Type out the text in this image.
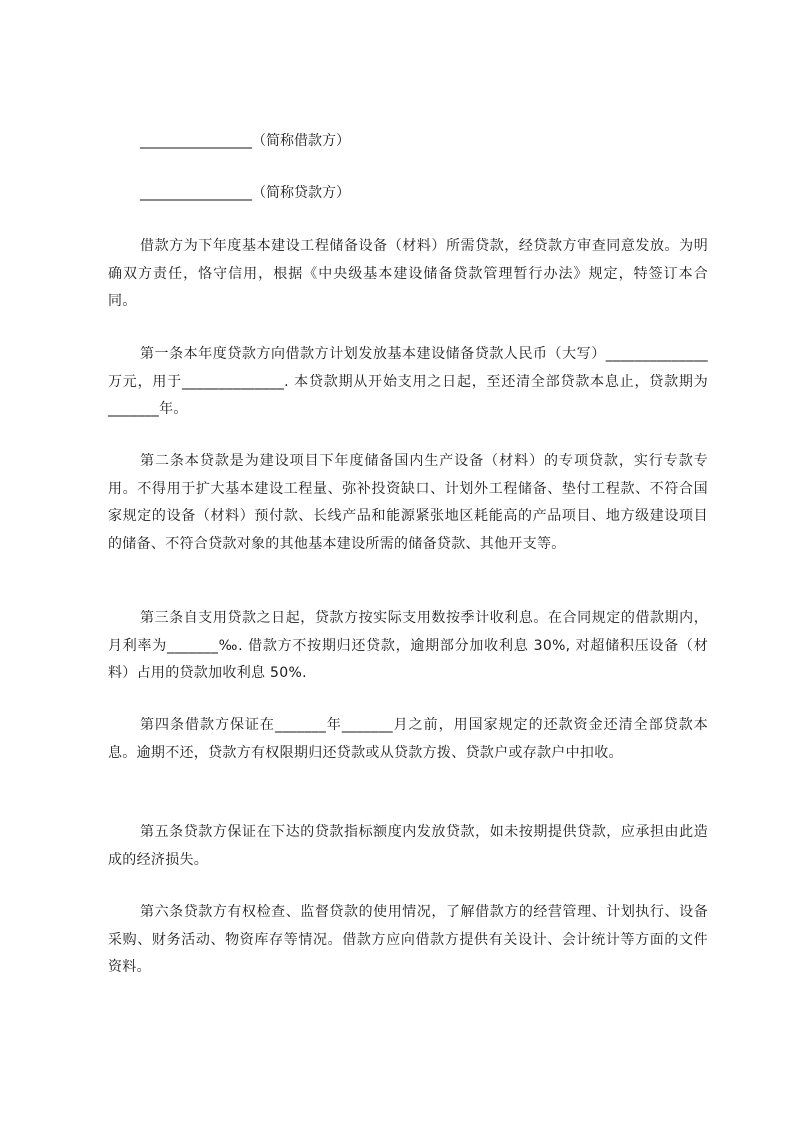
________________（简称借款方）
________________（简称贷款方）

借款方为下年度基本建设工程储备设备（材料）所需贷款，经贷款方审查同意发放。为明确双方责任，恪守信用，根据《中央级基本建设储备贷款管理暂行办法》规定，特签订本合同。

第一条本年度贷款方向借款方计划发放基本建设储备贷款人民币（大写）______________万元，用于______________. 本贷款期从开始支用之日起，至还清全部贷款本息止，贷款期为_______年。

第二条本贷款是为建设项目下年度储备国内生产设备（材料）的专项贷款，实行专款专用。不得用于扩大基本建设工程量、弥补投资缺口、计划外工程储备、垫付工程款、不符合国家规定的设备（材料）预付款、长线产品和能源紧张地区耗能高的产品项目、地方级建设项目的储备、不符合贷款对象的其他基本建设所需的储备贷款、其他开支等。

第三条自支用贷款之日起，贷款方按实际支用数按季计收利息。在合同规定的借款期内，月利率为_______‰. 借款方不按期归还贷款，逾期部分加收利息 30%, 对超储积压设备（材料）占用的贷款加收利息 50%.

第四条借款方保证在_______年_______月之前，用国家规定的还款资金还清全部贷款本息。逾期不还，贷款方有权限期归还贷款或从贷款方拨、贷款户或存款户中扣收。

第五条贷款方保证在下达的贷款指标额度内发放贷款，如未按期提供贷款，应承担由此造成的经济损失。

第六条贷款方有权检查、监督贷款的使用情况，了解借款方的经营管理、计划执行、设备采购、财务活动、物资库存等情况。借款方应向借款方提供有关设计、会计统计等方面的文件资料。
